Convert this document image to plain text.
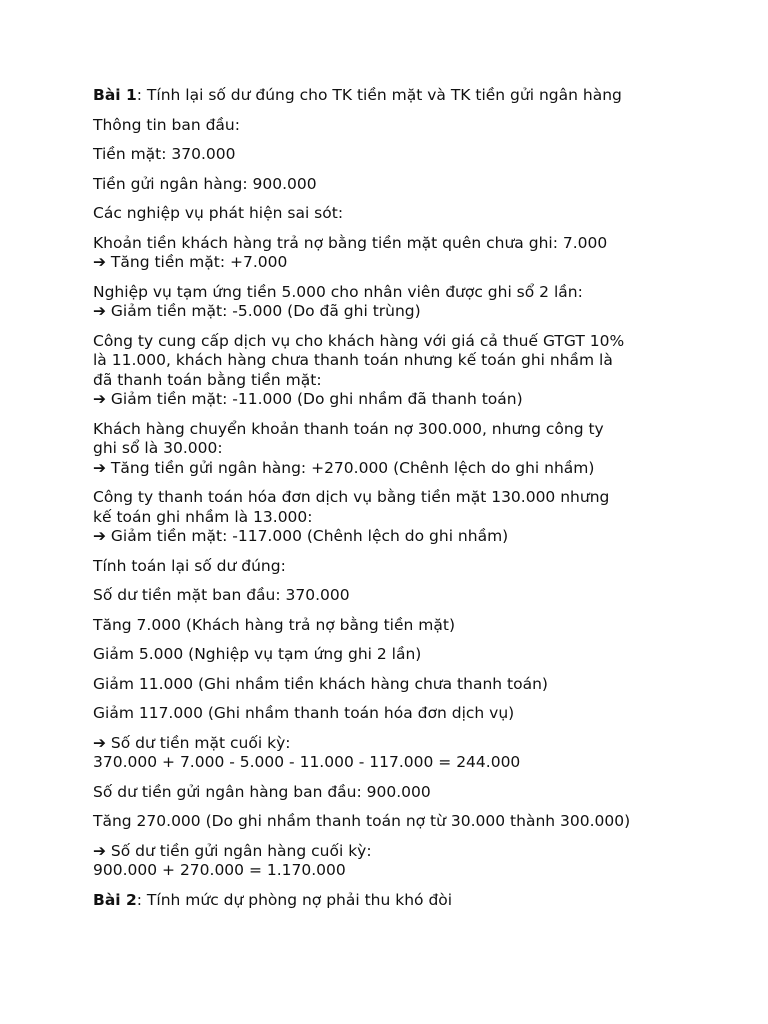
Bài 1: Tính lại số dư đúng cho TK tiền mặt và TK tiền gửi ngân hàng

Thông tin ban đầu:

Tiền mặt: 370.000

Tiền gửi ngân hàng: 900.000

Các nghiệp vụ phát hiện sai sót:

Khoản tiền khách hàng trả nợ bằng tiền mặt quên chưa ghi: 7.000
➔ Tăng tiền mặt: +7.000

Nghiệp vụ tạm ứng tiền 5.000 cho nhân viên được ghi sổ 2 lần:
➔ Giảm tiền mặt: -5.000 (Do đã ghi trùng)

Công ty cung cấp dịch vụ cho khách hàng với giá cả thuế GTGT 10%
là 11.000, khách hàng chưa thanh toán nhưng kế toán ghi nhầm là
đã thanh toán bằng tiền mặt:
➔ Giảm tiền mặt: -11.000 (Do ghi nhầm đã thanh toán)

Khách hàng chuyển khoản thanh toán nợ 300.000, nhưng công ty
ghi sổ là 30.000:
➔ Tăng tiền gửi ngân hàng: +270.000 (Chênh lệch do ghi nhầm)

Công ty thanh toán hóa đơn dịch vụ bằng tiền mặt 130.000 nhưng
kế toán ghi nhầm là 13.000:
➔ Giảm tiền mặt: -117.000 (Chênh lệch do ghi nhầm)

Tính toán lại số dư đúng:

Số dư tiền mặt ban đầu: 370.000

Tăng 7.000 (Khách hàng trả nợ bằng tiền mặt)

Giảm 5.000 (Nghiệp vụ tạm ứng ghi 2 lần)

Giảm 11.000 (Ghi nhầm tiền khách hàng chưa thanh toán)

Giảm 117.000 (Ghi nhầm thanh toán hóa đơn dịch vụ)

➔ Số dư tiền mặt cuối kỳ:
370.000 + 7.000 - 5.000 - 11.000 - 117.000 = 244.000

Số dư tiền gửi ngân hàng ban đầu: 900.000

Tăng 270.000 (Do ghi nhầm thanh toán nợ từ 30.000 thành 300.000)

➔ Số dư tiền gửi ngân hàng cuối kỳ:
900.000 + 270.000 = 1.170.000

Bài 2: Tính mức dự phòng nợ phải thu khó đòi
